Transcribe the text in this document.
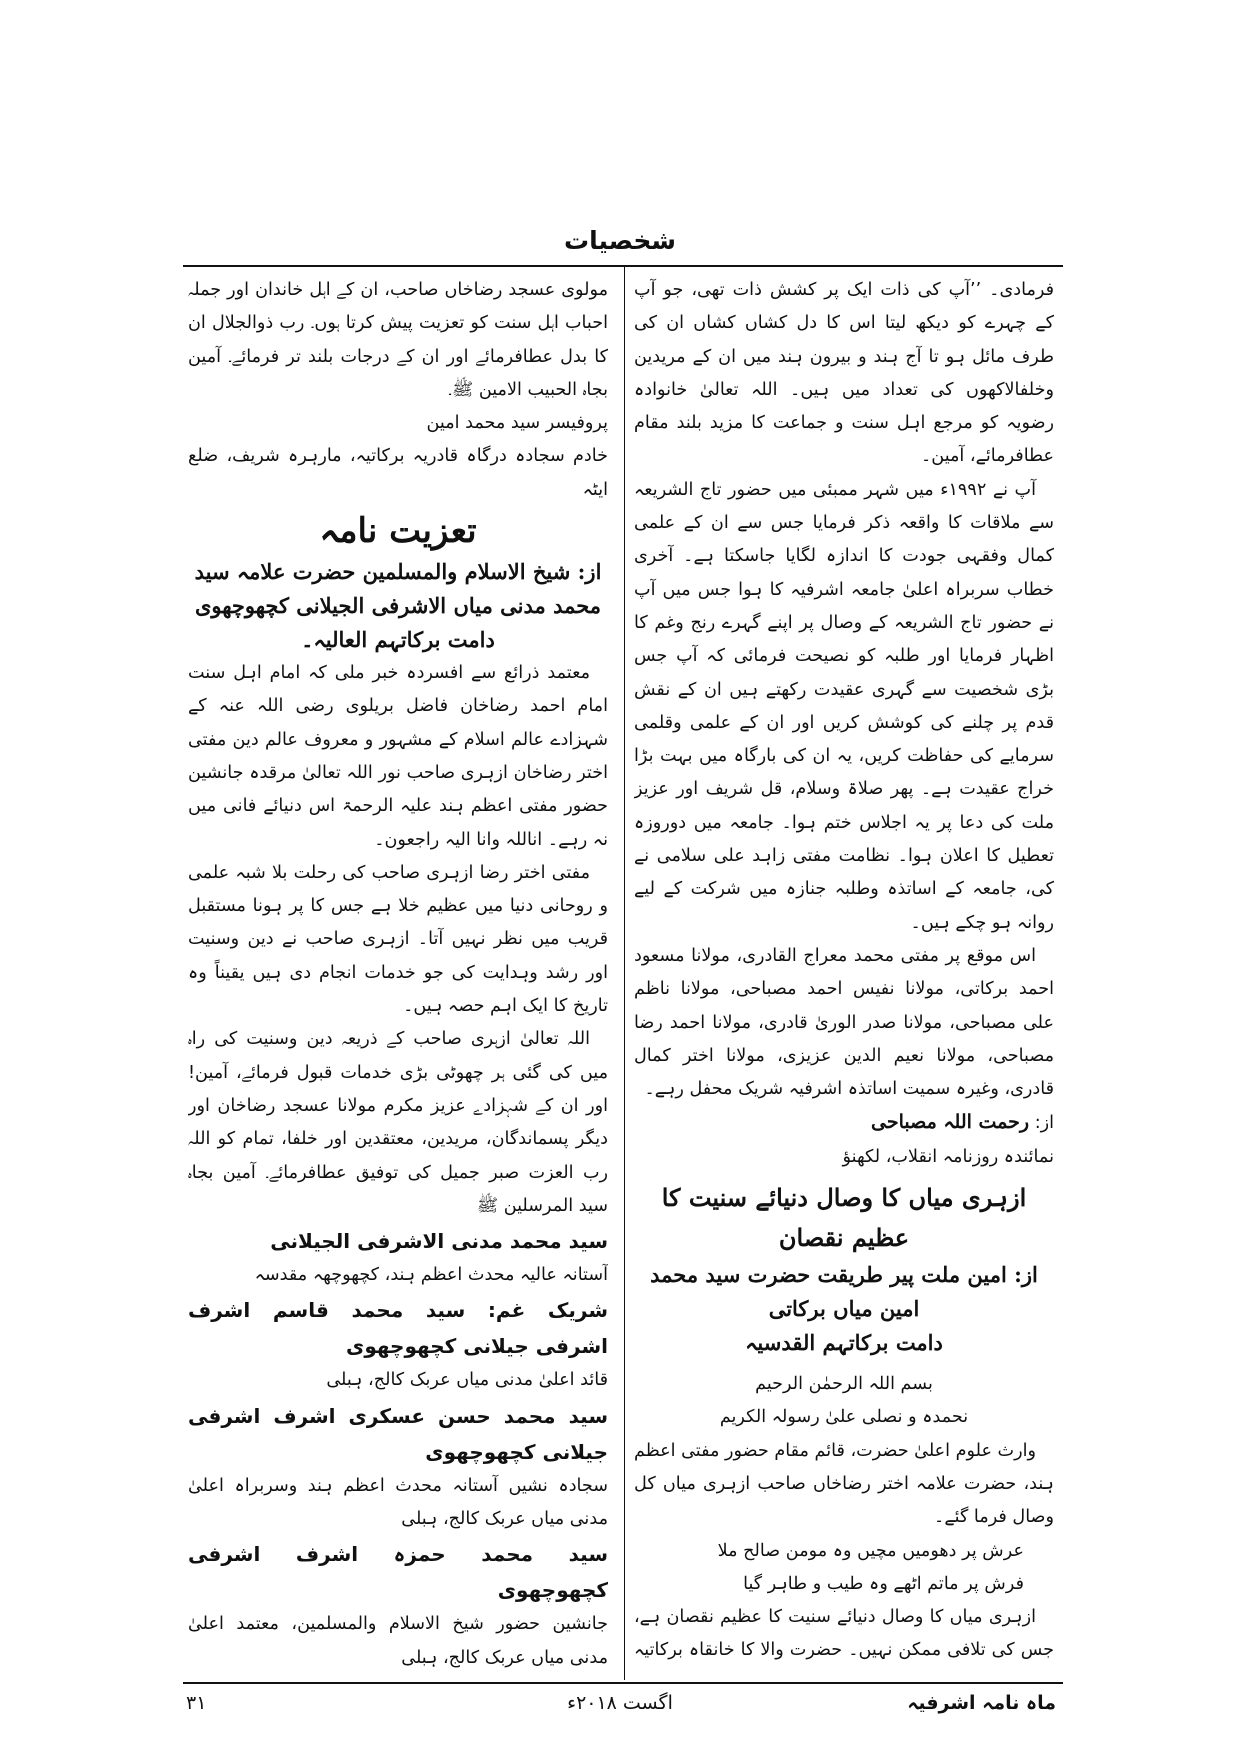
شخصیات

فرمادی۔ ’’آپ کی ذات ایک پر کشش ذات تھی، جو آپ کے چہرے کو دیکھ لیتا اس کا دل کشاں کشاں ان کی طرف مائل ہو تا آج ہند و بیرون ہند میں ان کے مریدین وخلفالاکھوں کی تعداد میں ہیں۔ اللہ تعالیٰ خانوادہ رضویہ کو مرجع اہل سنت و جماعت کا مزید بلند مقام عطافرمائے، آمین۔

آپ نے ۱۹۹۲ء میں شہر ممبئی میں حضور تاج الشریعہ سے ملاقات کا واقعہ ذکر فرمایا جس سے ان کے علمی کمال وفقہی جودت کا اندازہ لگایا جاسکتا ہے۔ آخری خطاب سربراہ اعلیٰ جامعہ اشرفیہ کا ہوا جس میں آپ نے حضور تاج الشریعہ کے وصال پر اپنے گہرے رنج وغم کا اظہار فرمایا اور طلبہ کو نصیحت فرمائی کہ آپ جس بڑی شخصیت سے گہری عقیدت رکھتے ہیں ان کے نقش قدم پر چلنے کی کوشش کریں اور ان کے علمی وقلمی سرمایے کی حفاظت کریں، یہ ان کی بارگاہ میں بہت بڑا خراج عقیدت ہے۔ پھر صلاۃ وسلام، قل شریف اور عزیز ملت کی دعا پر یہ اجلاس ختم ہوا۔ جامعہ میں دوروزہ تعطیل کا اعلان ہوا۔ نظامت مفتی زاہد علی سلامی نے کی، جامعہ کے اساتذہ وطلبہ جنازہ میں شرکت کے لیے روانہ ہو چکے ہیں۔

اس موقع پر مفتی محمد معراج القادری، مولانا مسعود احمد برکاتی، مولانا نفیس احمد مصباحی، مولانا ناظم علی مصباحی، مولانا صدر الوریٰ قادری، مولانا احمد رضا مصباحی، مولانا نعیم الدین عزیزی، مولانا اختر کمال قادری، وغیرہ سمیت اساتذہ اشرفیہ شریک محفل رہے۔

از: رحمت اللہ مصباحی

نمائندہ روزنامہ انقلاب، لکھنؤ

ازہری میاں کا وصال دنیائے سنیت کا عظیم نقصان
از: امین ملت پیر طریقت حضرت سید محمد امین میاں برکاتی
دامت برکاتہم القدسیہ

بسم اللہ الرحمٰن الرحیم

نحمدہ و نصلی علیٰ رسولہ الکریم

وارث علوم اعلیٰ حضرت، قائم مقام حضور مفتی اعظم ہند، حضرت علامہ اختر رضاخاں صاحب ازہری میاں کل وصال فرما گئے۔

عرش پر دھومیں مچیں وہ مومن صالح ملا

فرش پر ماتم اٹھے وہ طیب و طاہر گیا

ازہری میاں کا وصال دنیائے سنیت کا عظیم نقصان ہے، جس کی تلافی ممکن نہیں۔ حضرت والا کا خانقاہ برکاتیہ

مولوی عسجد رضاخاں صاحب، ان کے اہل خاندان اور جملہ احباب اہل سنت کو تعزیت پیش کرتا ہوں۔ رب ذوالجلال ان کا بدل عطافرمائے اور ان کے درجات بلند تر فرمائے۔ آمین بجاہ الحبیب الامین ﷺ۔

پروفیسر سید محمد امین

خادم سجادہ درگاہ قادریہ برکاتیہ، مارہرہ شریف، ضلع ایٹہ

تعزیت نامہ
از: شیخ الاسلام والمسلمین حضرت علامہ سید محمد مدنی میاں الاشرفی الجیلانی کچھوچھوی دامت برکاتہم العالیہ۔

معتمد ذرائع سے افسردہ خبر ملی کہ امام اہل سنت امام احمد رضاخان فاضل بریلوی رضی اللہ عنہ کے شہزادے عالم اسلام کے مشہور و معروف عالم دین مفتی اختر رضاخان ازہری صاحب نور اللہ تعالیٰ مرقدہ جانشین حضور مفتی اعظم ہند علیہ الرحمۃ اس دنیائے فانی میں نہ رہے۔ اناللہ وانا الیہ راجعون۔

مفتی اختر رضا ازہری صاحب کی رحلت بلا شبہ علمی و روحانی دنیا میں عظیم خلا ہے جس کا پر ہونا مستقبل قریب میں نظر نہیں آتا۔ ازہری صاحب نے دین وسنیت اور رشد وہدایت کی جو خدمات انجام دی ہیں یقیناً وہ تاریخ کا ایک اہم حصہ ہیں۔

اللہ تعالیٰ ازہری صاحب کے ذریعہ دین وسنیت کی راہ میں کی گئی ہر چھوٹی بڑی خدمات قبول فرمائے، آمین! اور ان کے شہزادے عزیز مکرم مولانا عسجد رضاخان اور دیگر پسماندگان، مریدین، معتقدین اور خلفا، تمام کو اللہ رب العزت صبر جمیل کی توفیق عطافرمائے۔ آمین بجاہ سید المرسلین ﷺ

سید محمد مدنی الاشرفی الجیلانی

آستانہ عالیہ محدث اعظم ہند، کچھوچھہ مقدسہ

شریک غم: سید محمد قاسم اشرف اشرفی جیلانی کچھوچھوی

قائد اعلیٰ مدنی میاں عربک کالج، ہبلی

سید محمد حسن عسکری اشرف اشرفی جیلانی کچھوچھوی

سجادہ نشیں آستانہ محدث اعظم ہند وسربراہ اعلیٰ مدنی میاں عربک کالج، ہبلی

سید محمد حمزہ اشرف اشرفی کچھوچھوی

جانشین حضور شیخ الاسلام والمسلمین، معتمد اعلیٰ مدنی میاں عربک کالج، ہبلی

۳۱	اگست ۲۰۱۸ء	ماہ نامہ اشرفیہ
